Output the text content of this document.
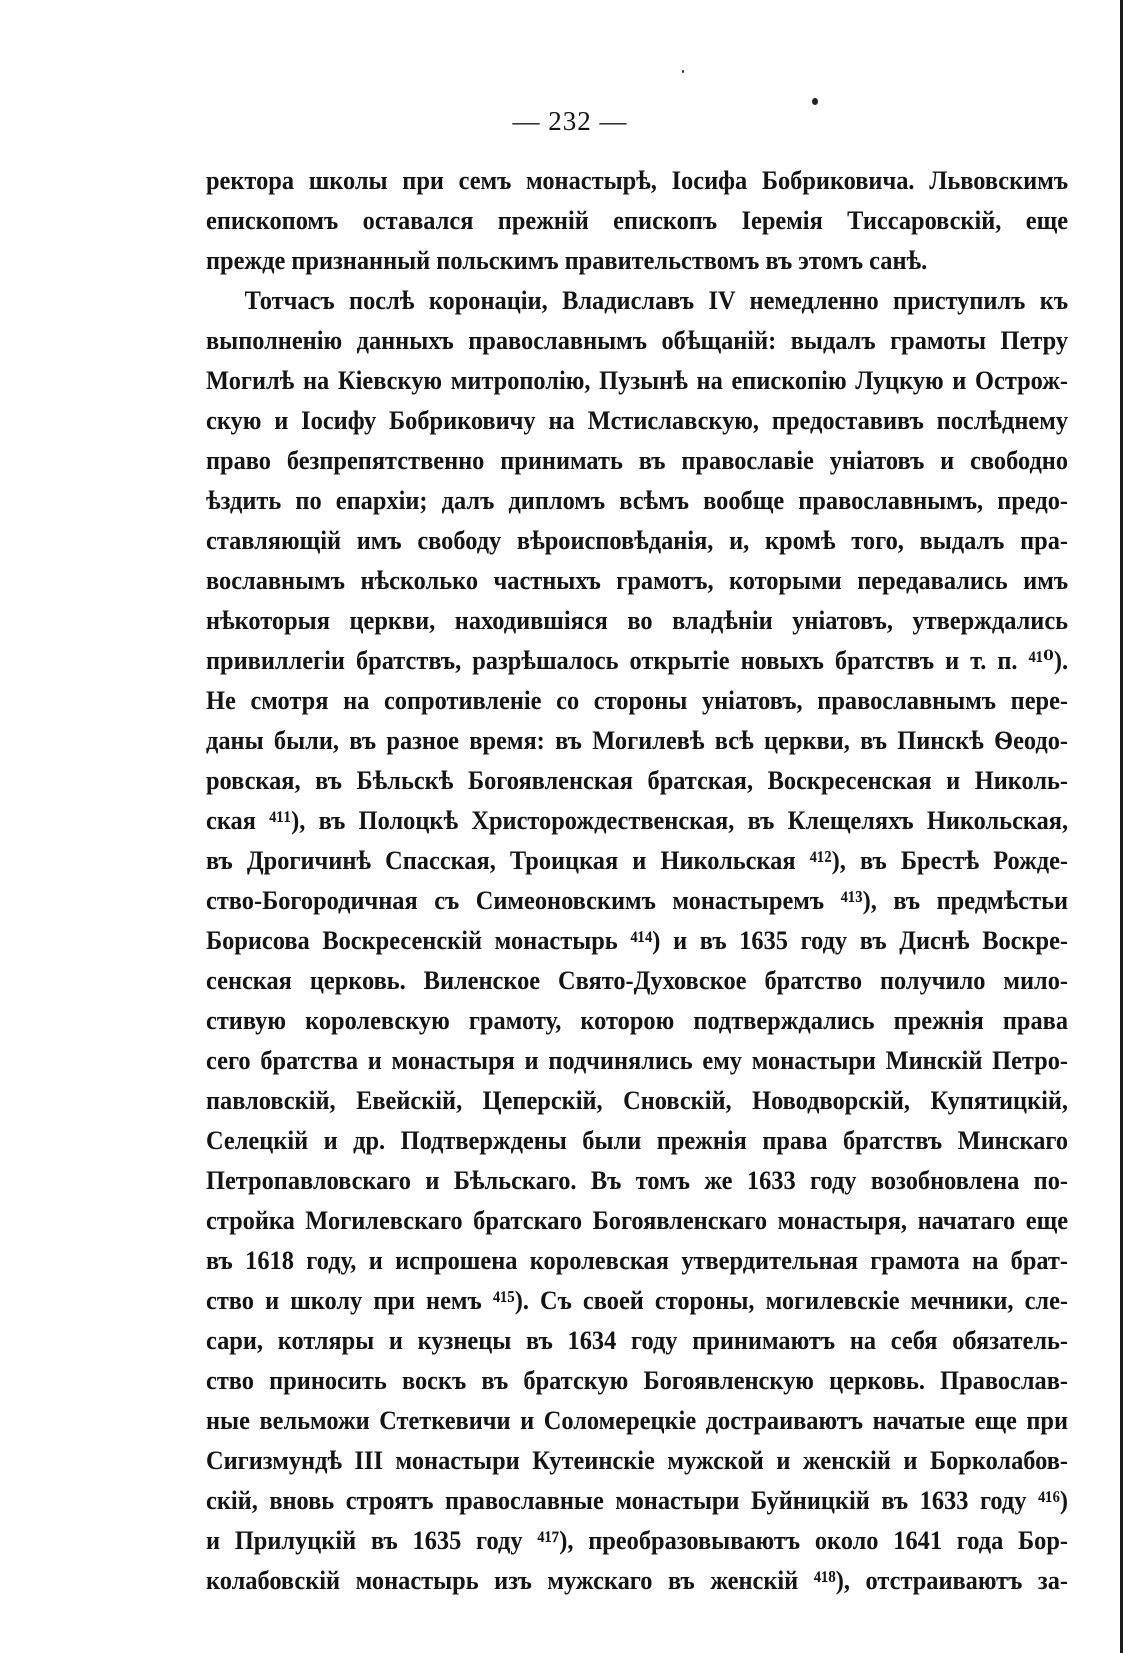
— 232 —
ректора школы при семъ монастырѣ, Іосифа Бобриковича. Львовскимъ
епископомъ оставался прежній епископъ Іеремія Тиссаровскій, еще
прежде признанный польскимъ правительствомъ въ этомъ санѣ.
Тотчасъ послѣ коронаціи, Владиславъ IV немедленно приступилъ къ
выполненію данныхъ православнымъ обѣщаній: выдалъ грамоты Петру
Могилѣ на Кіевскую митрополію, Пузынѣ на епископію Луцкую и Острож-
скую и Іосифу Бобриковичу на Мстиславскую, предоставивъ послѣднему
право безпрепятственно принимать въ православіе уніатовъ и свободно
ѣздить по епархіи; далъ дипломъ всѣмъ вообще православнымъ, предо-
ставляющій имъ свободу вѣроисповѣданія, и, кромѣ того, выдалъ пра-
вославнымъ нѣсколько частныхъ грамотъ, которыми передавались имъ
нѣкоторыя церкви, находившіяся во владѣніи уніатовъ, утверждались
привиллегіи братствъ, разрѣшалось открытіе новыхъ братствъ и т. п. ⁴¹⁰).
Не смотря на сопротивленіе со стороны уніатовъ, православнымъ пере-
даны были, въ разное время: въ Могилевѣ всѣ церкви, въ Пинскѣ Ѳеодо-
ровская, въ Бѣльскѣ Богоявленская братская, Воскресенская и Николь-
ская ⁴¹¹), въ Полоцкѣ Христорождественская, въ Клещеляхъ Никольская,
въ Дрогичинѣ Спасская, Троицкая и Никольская ⁴¹²), въ Брестѣ Рожде-
ство-Богородичная съ Симеоновскимъ монастыремъ ⁴¹³), въ предмѣстьи
Борисова Воскресенскій монастырь ⁴¹⁴) и въ 1635 году въ Диснѣ Воскре-
сенская церковь. Виленское Свято-Духовское братство получило мило-
стивую королевскую грамоту, которою подтверждались прежнія права
сего братства и монастыря и подчинялись ему монастыри Минскій Петро-
павловскій, Евейскій, Цеперскій, Сновскій, Новодворскій, Купятицкій,
Селецкій и др. Подтверждены были прежнія права братствъ Минскаго
Петропавловскаго и Бѣльскаго. Въ томъ же 1633 году возобновлена по-
стройка Могилевскаго братскаго Богоявленскаго монастыря, начатаго еще
въ 1618 году, и испрошена королевская утвердительная грамота на брат-
ство и школу при немъ ⁴¹⁵). Съ своей стороны, могилевскіе мечники, сле-
сари, котляры и кузнецы въ 1634 году принимаютъ на себя обязатель-
ство приносить воскъ въ братскую Богоявленскую церковь. Православ-
ные вельможи Стеткевичи и Соломерецкіе достраиваютъ начатые еще при
Сигизмундѣ III монастыри Кутеинскіе мужской и женскій и Борколабов-
скій, вновь строятъ православные монастыри Буйницкій въ 1633 году ⁴¹⁶)
и Прилуцкій въ 1635 году ⁴¹⁷), преобразовываютъ около 1641 года Бор-
колабовскій монастырь изъ мужскаго въ женскій ⁴¹⁸), отстраиваютъ за-
